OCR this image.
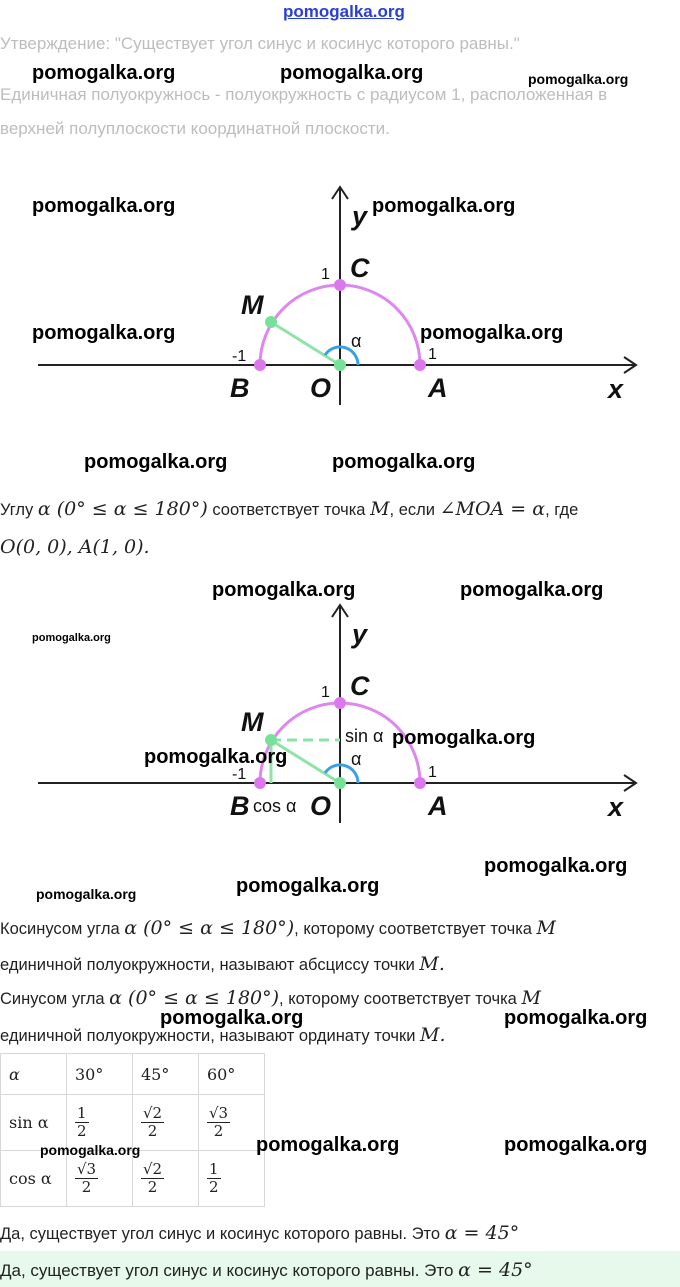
pomogalka.org
Утверждение: "Существует угол синус и косинус которого равны."
Единичная полуокружнось - полуокружность с радиусом 1, расположенная в
верхней полуплоскости координатной плоскости.
pomogalka.org	pomogalka.org	pomogalka.org
y
C
1
M
α
-1	1
B O	A	x
pomogalka.org	pomogalka.org
pomogalka.org	pomogalka.org
pomogalka.org	pomogalka.org
Углу α (0° ≤ α ≤ 180°) соответствует точка M, если ∠MOA = α, где
O(0, 0), A(1, 0).
pomogalka.org	pomogalka.org
pomogalka.org	y
C
1
M	sin α
α
-1	1
B cos α O	A	x
pomogalka.org
pomogalka.org
pomogalka.org
pomogalka.org
pomogalka.org
Косинусом угла α (0° ≤ α ≤ 180°), которому соответствует точка M
единичной полуокружности, называют абсциссу точки M.
Синусом угла α (0° ≤ α ≤ 180°), которому соответствует точка M
единичной полуокружности, называют ординату точки M.
pomogalka.org	pomogalka.org
α	30°	45°	60°
sin α	$\frac{1}{2}$	$\frac{√2}{2}$	$\frac{√3}{2}$

cos α	$\frac{√3}{2}$	$\frac{√2}{2}$	$\frac{1}{2}$
pomogalka.org	pomogalka.org	pomogalka.org
Да, существует угол синус и косинус которого равны. Это α = 45°
Да, существует угол синус и косинус которого равны. Это α = 45°
